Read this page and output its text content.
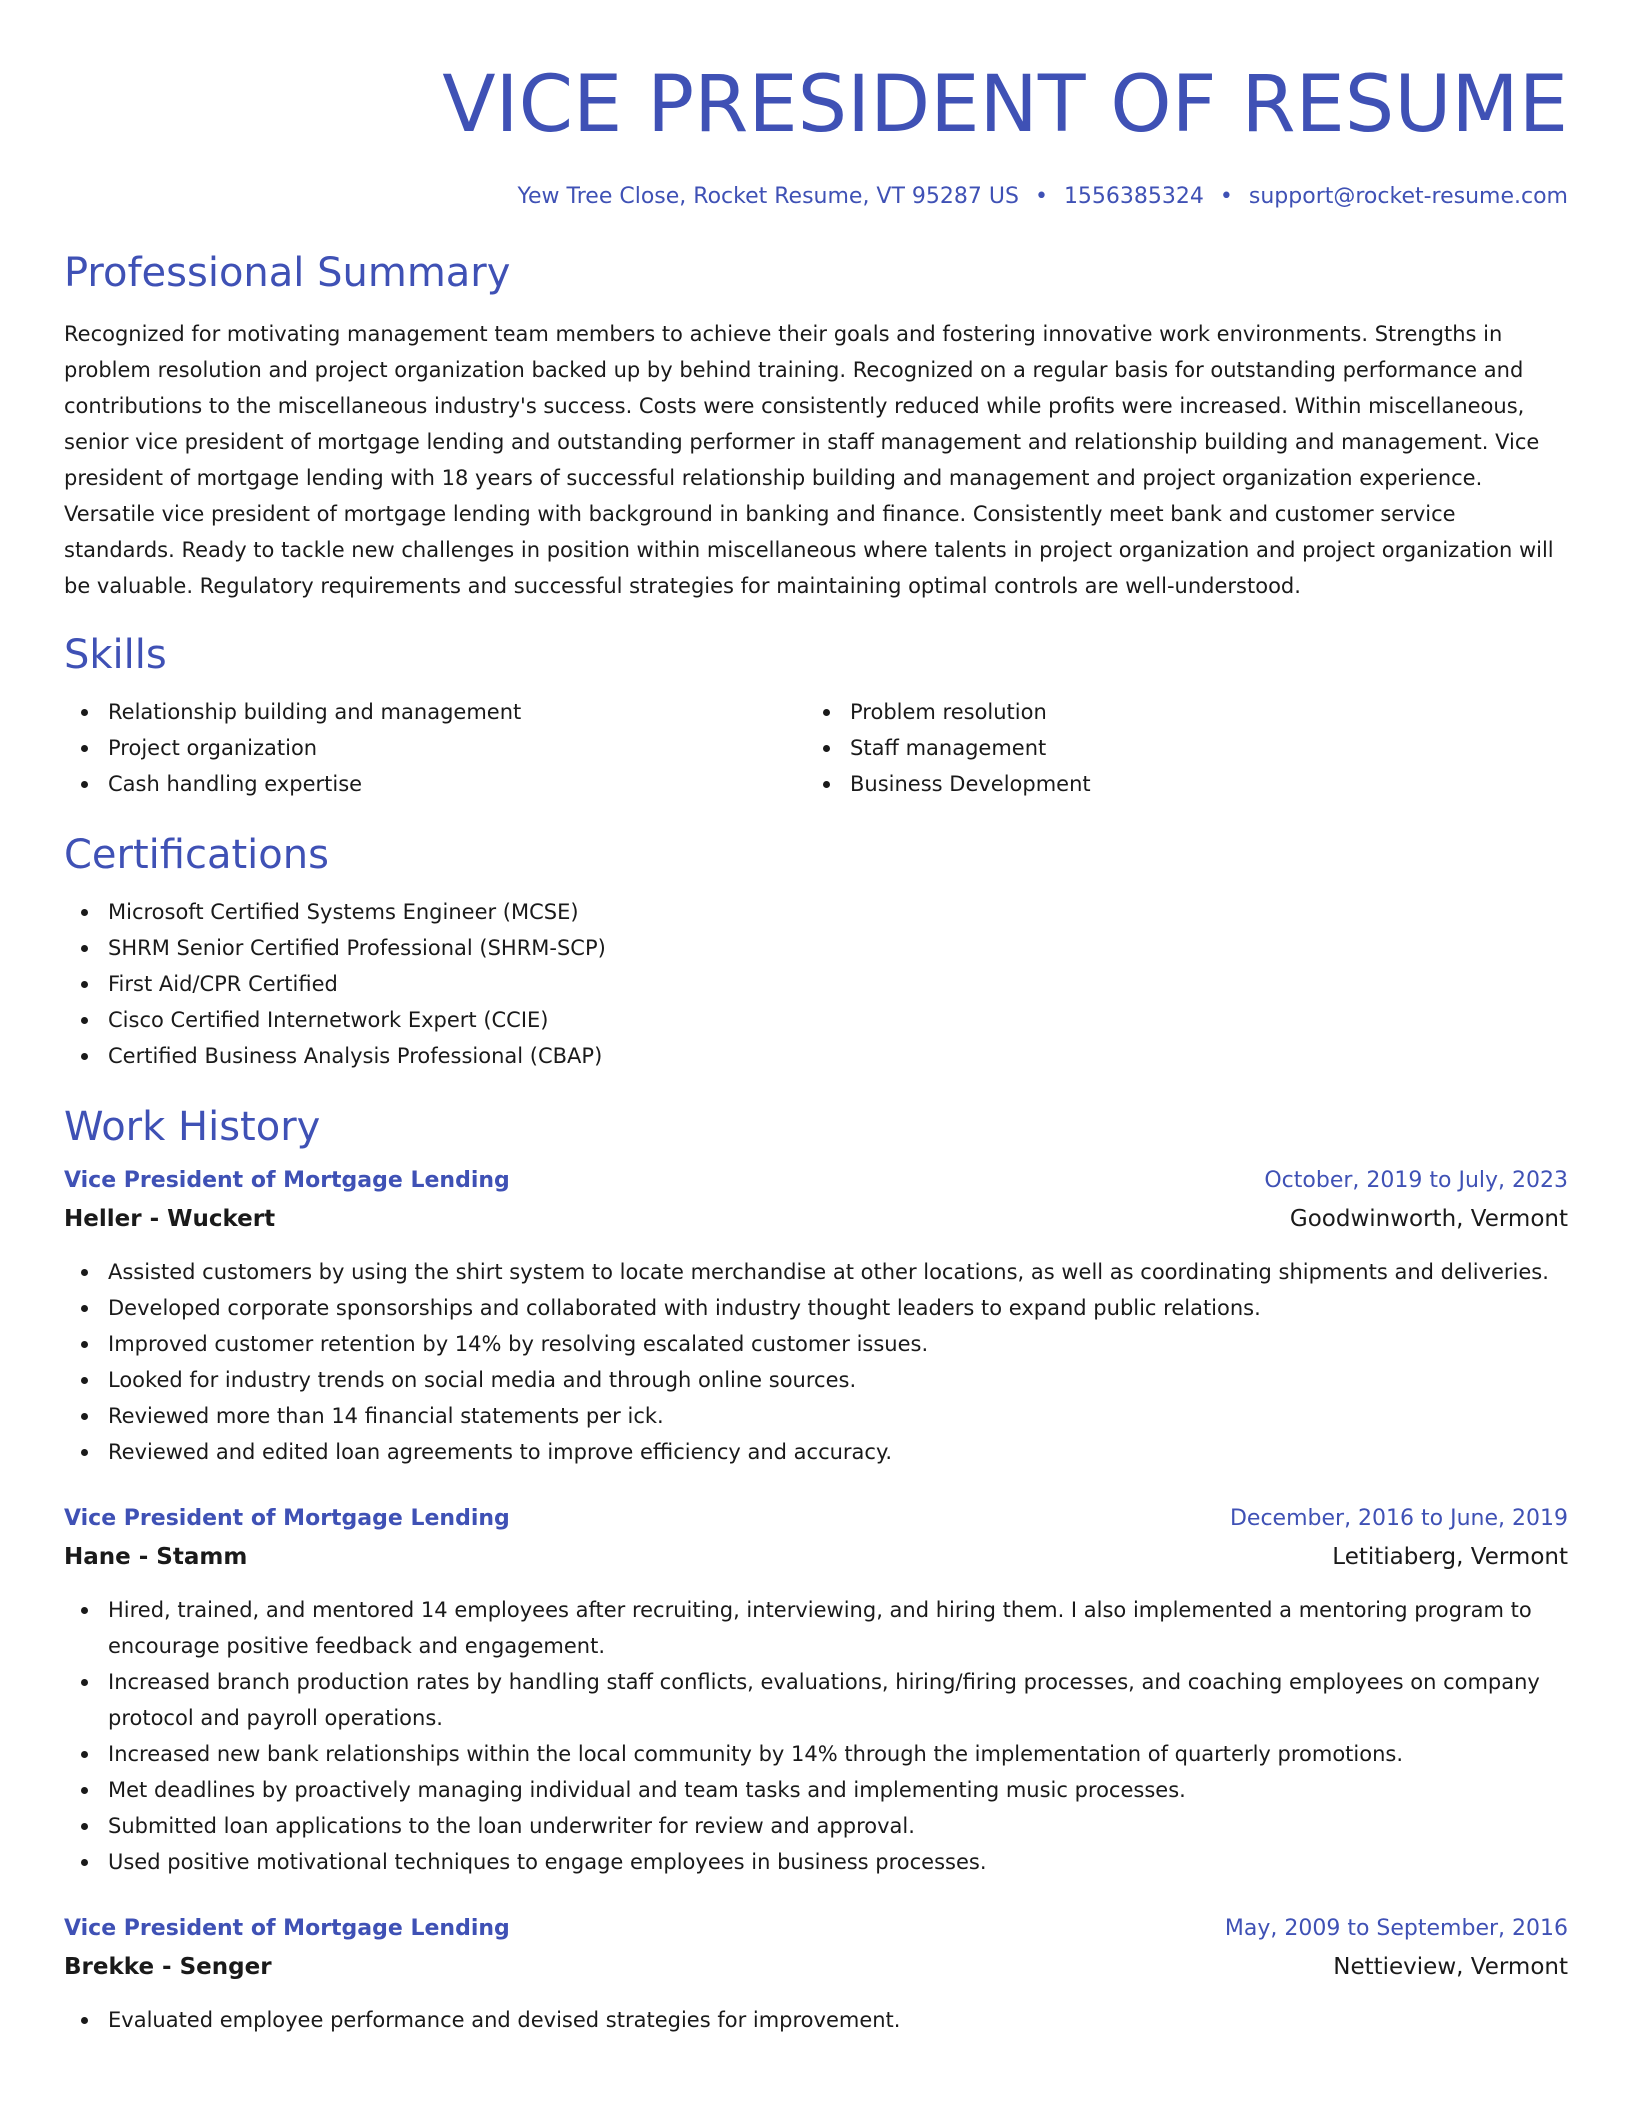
VICE PRESIDENT OF RESUME
Yew Tree Close, Rocket Resume, VT 95287 US • 1556385324 • support@rocket-resume.com
Professional Summary

Recognized for motivating management team members to achieve their goals and fostering innovative work environments. Strengths in problem resolution and project organization backed up by behind training. Recognized on a regular basis for outstanding performance and contributions to the miscellaneous industry's success. Costs were consistently reduced while profits were increased. Within miscellaneous, senior vice president of mortgage lending and outstanding performer in staff management and relationship building and management. Vice president of mortgage lending with 18 years of successful relationship building and management and project organization experience. Versatile vice president of mortgage lending with background in banking and finance. Consistently meet bank and customer service standards. Ready to tackle new challenges in position within miscellaneous where talents in project organization and project organization will be valuable. Regulatory requirements and successful strategies for maintaining optimal controls are well-understood.

Skills
Relationship building and management
Project organization
Cash handling expertise
Problem resolution
Staff management
Business Development
Certifications
Microsoft Certified Systems Engineer (MCSE)
SHRM Senior Certified Professional (SHRM-SCP)
First Aid/CPR Certified
Cisco Certified Internetwork Expert (CCIE)
Certified Business Analysis Professional (CBAP)
Work History
Vice President of Mortgage Lending	October, 2019 to July, 2023
Heller - Wuckert	Goodwinworth, Vermont
Assisted customers by using the shirt system to locate merchandise at other locations, as well as coordinating shipments and deliveries.
Developed corporate sponsorships and collaborated with industry thought leaders to expand public relations.
Improved customer retention by 14% by resolving escalated customer issues.
Looked for industry trends on social media and through online sources.
Reviewed more than 14 financial statements per ick.
Reviewed and edited loan agreements to improve efficiency and accuracy.
Vice President of Mortgage Lending	December, 2016 to June, 2019
Hane - Stamm	Letitiaberg, Vermont
Hired, trained, and mentored 14 employees after recruiting, interviewing, and hiring them. I also implemented a mentoring program to encourage positive feedback and engagement.
Increased branch production rates by handling staff conflicts, evaluations, hiring/firing processes, and coaching employees on company protocol and payroll operations.
Increased new bank relationships within the local community by 14% through the implementation of quarterly promotions.
Met deadlines by proactively managing individual and team tasks and implementing music processes.
Submitted loan applications to the loan underwriter for review and approval.
Used positive motivational techniques to engage employees in business processes.
Vice President of Mortgage Lending	May, 2009 to September, 2016
Brekke - Senger	Nettieview, Vermont
Evaluated employee performance and devised strategies for improvement.
